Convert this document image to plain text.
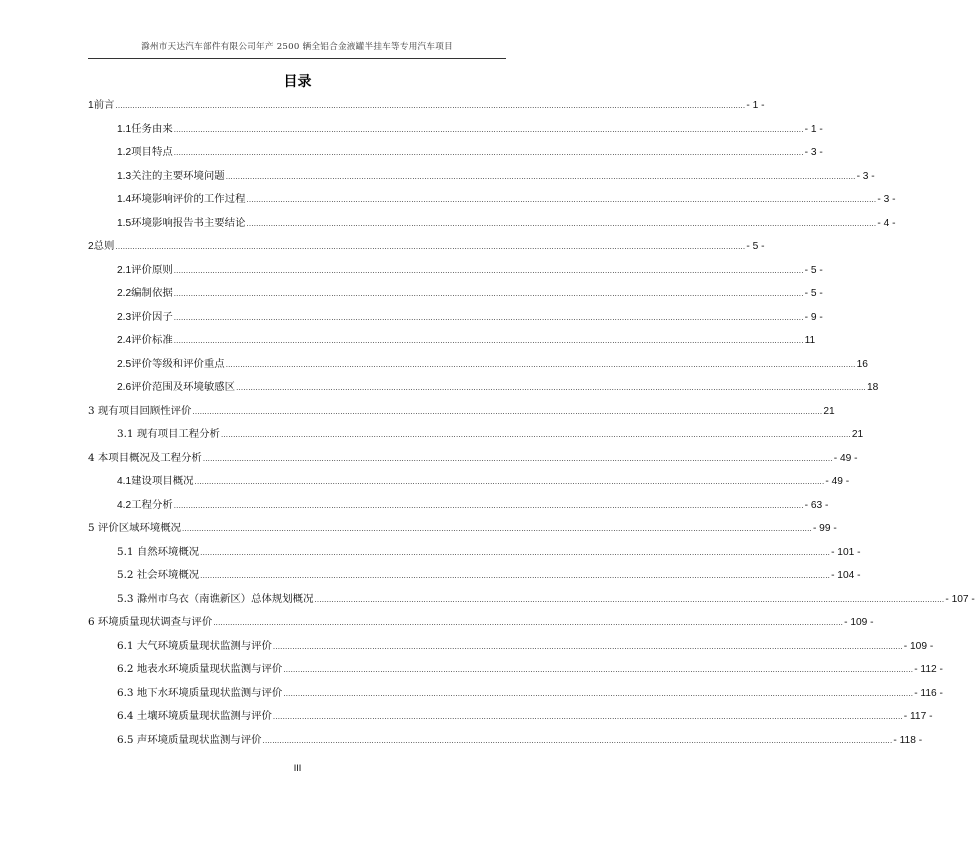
滁州市天达汽车部件有限公司年产 2500 辆全铝合金液罐半挂车等专用汽车项目
目录
1 前言 .................................................................................................................................................................................................................................................................... - 1 -
1.1 任务由来 .................................................................................................................................................................................................................................................................... - 1 -
1.2 项目特点 .................................................................................................................................................................................................................................................................... - 3 -
1.3 关注的主要环境问题 .................................................................................................................................................................................................................................................................... - 3 -
1.4 环境影响评价的工作过程 .................................................................................................................................................................................................................................................................... - 3 -
1.5 环境影响报告书主要结论 .................................................................................................................................................................................................................................................................... - 4 -
2 总则 .................................................................................................................................................................................................................................................................... - 5 -
2.1 评价原则 .................................................................................................................................................................................................................................................................... - 5 -
2.2 编制依据 .................................................................................................................................................................................................................................................................... - 5 -
2.3 评价因子 .................................................................................................................................................................................................................................................................... - 9 -
2.4 评价标准 .................................................................................................................................................................................................................................................................... 11
2.5 评价等级和评价重点 .................................................................................................................................................................................................................................................................... 16
2.6 评价范围及环境敏感区 .................................................................................................................................................................................................................................................................... 18
3 现有项目回顾性评价 .................................................................................................................................................................................................................................................................... 21
3.1 现有项目工程分析 .................................................................................................................................................................................................................................................................... 21
4 本项目概况及工程分析 .................................................................................................................................................................................................................................................................... - 49 -
4.1 建设项目概况 .................................................................................................................................................................................................................................................................... - 49 -
4.2 工程分析 .................................................................................................................................................................................................................................................................... - 63 -
5 评价区域环境概况 .................................................................................................................................................................................................................................................................... - 99 -
5.1 自然环境概况 .................................................................................................................................................................................................................................................................... - 101 -
5.2 社会环境概况 .................................................................................................................................................................................................................................................................... - 104 -
5.3 滁州市乌衣（南谯新区）总体规划概况 .................................................................................................................................................................................................................................................................... - 107 -
6 环境质量现状调查与评价 .................................................................................................................................................................................................................................................................... - 109 -
6.1 大气环境质量现状监测与评价 .................................................................................................................................................................................................................................................................... - 109 -
6.2 地表水环境质量现状监测与评价 .................................................................................................................................................................................................................................................................... - 112 -
6.3 地下水环境质量现状监测与评价 .................................................................................................................................................................................................................................................................... - 116 -
6.4 土壤环境质量现状监测与评价 .................................................................................................................................................................................................................................................................... - 117 -
6.5 声环境质量现状监测与评价 .................................................................................................................................................................................................................................................................... - 118 -
III
